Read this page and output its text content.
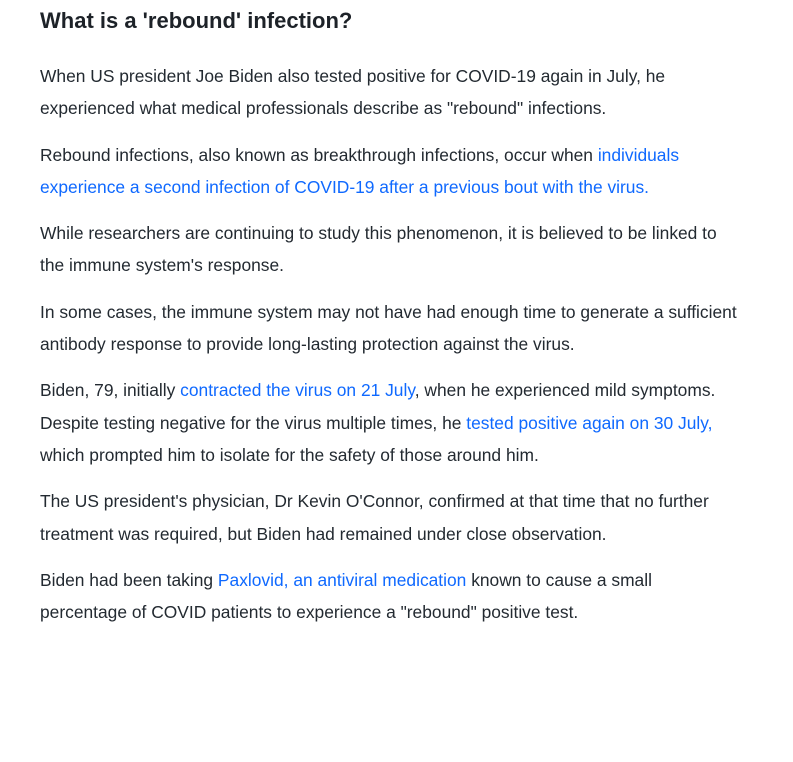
What is a 'rebound' infection?

When US president Joe Biden also tested positive for COVID-19 again in July, he experienced what medical professionals describe as "rebound" infections.

Rebound infections, also known as breakthrough infections, occur when individuals experience a second infection of COVID-19 after a previous bout with the virus.

While researchers are continuing to study this phenomenon, it is believed to be linked to the immune system's response.

In some cases, the immune system may not have had enough time to generate a sufficient antibody response to provide long-lasting protection against the virus.

Biden, 79, initially contracted the virus on 21 July, when he experienced mild symptoms. Despite testing negative for the virus multiple times, he tested positive again on 30 July, which prompted him to isolate for the safety of those around him.

The US president's physician, Dr Kevin O'Connor, confirmed at that time that no further treatment was required, but Biden had remained under close observation.

Biden had been taking Paxlovid, an antiviral medication known to cause a small percentage of COVID patients to experience a "rebound" positive test.
